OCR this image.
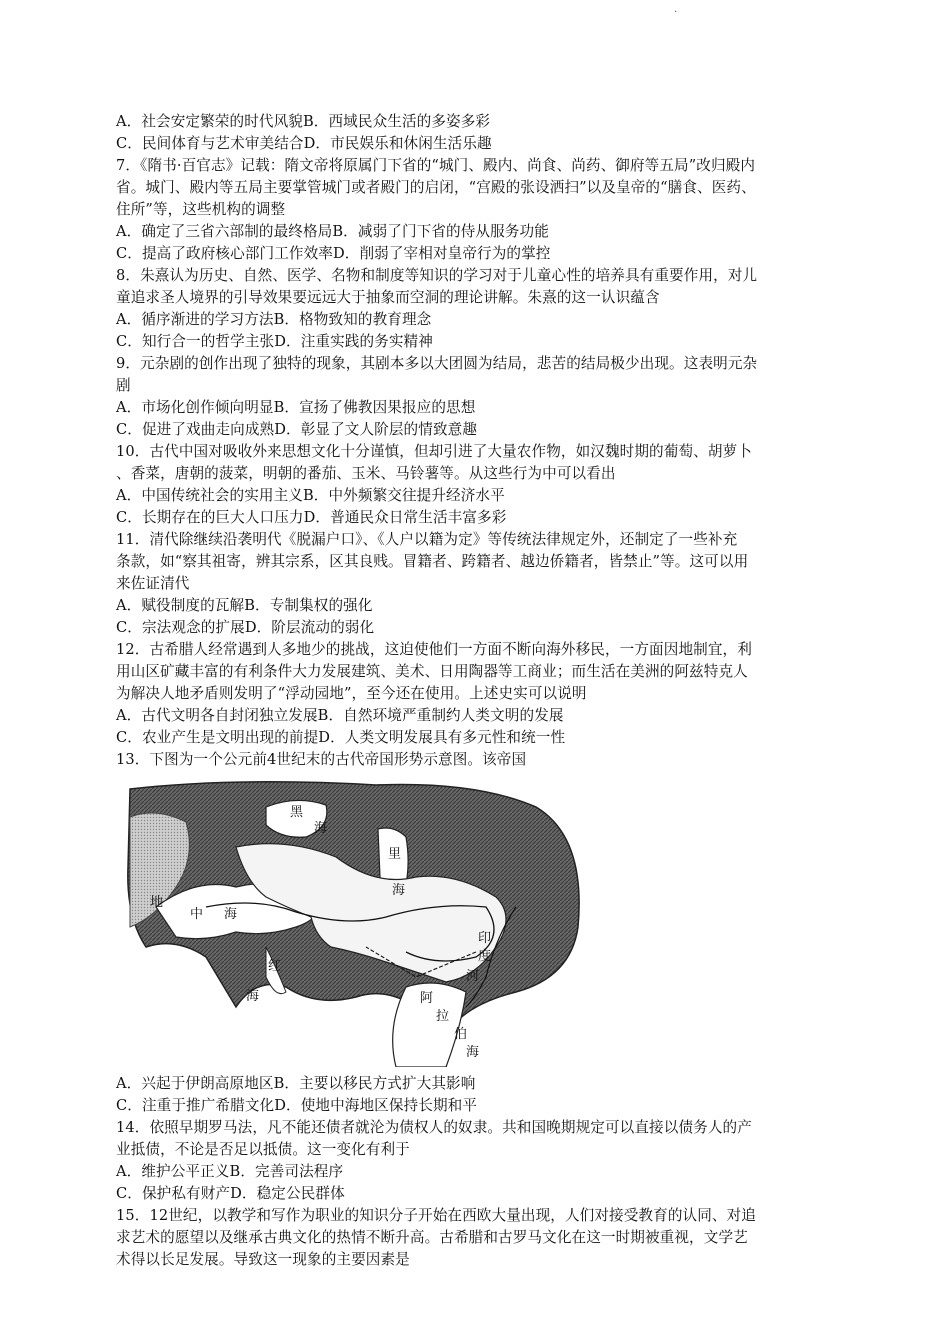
.
A．社会安定繁荣的时代风貌B．西域民众生活的多姿多彩
C．民间体育与艺术审美结合D．市民娱乐和休闲生活乐趣
7．《隋书·百官志》记载：隋文帝将原属门下省的“城门、殿内、尚食、尚药、御府等五局”改归殿内
省。城门、殿内等五局主要掌管城门或者殿门的启闭，“宫殿的张设洒扫”以及皇帝的“膳食、医药、
住所”等，这些机构的调整
A．确定了三省六部制的最终格局B．减弱了门下省的侍从服务功能
C．提高了政府核心部门工作效率D．削弱了宰相对皇帝行为的掌控
8．朱熹认为历史、自然、医学、名物和制度等知识的学习对于儿童心性的培养具有重要作用，对儿
童追求圣人境界的引导效果要远远大于抽象而空洞的理论讲解。朱熹的这一认识蕴含
A．循序渐进的学习方法B．格物致知的教育理念
C．知行合一的哲学主张D．注重实践的务实精神
9．元杂剧的创作出现了独特的现象，其剧本多以大团圆为结局，悲苦的结局极少出现。这表明元杂
剧
A．市场化创作倾向明显B．宣扬了佛教因果报应的思想
C．促进了戏曲走向成熟D．彰显了文人阶层的情致意趣
10．古代中国对吸收外来思想文化十分谨慎，但却引进了大量农作物，如汉魏时期的葡萄、胡萝卜
、香菜，唐朝的菠菜，明朝的番茄、玉米、马铃薯等。从这些行为中可以看出
A．中国传统社会的实用主义B．中外频繁交往提升经济水平
C．长期存在的巨大人口压力D．普通民众日常生活丰富多彩
11．清代除继续沿袭明代《脱漏户口》、《人户以籍为定》等传统法律规定外，还制定了一些补充
条款，如“察其祖寄，辨其宗系，区其良贱。冒籍者、跨籍者、越边侨籍者，皆禁止”等。这可以用
来佐证清代
A．赋役制度的瓦解B．专制集权的强化
C．宗法观念的扩展D．阶层流动的弱化
12．古希腊人经常遇到人多地少的挑战，这迫使他们一方面不断向海外移民，一方面因地制宜，利
用山区矿藏丰富的有利条件大力发展建筑、美术、日用陶器等工商业；而生活在美洲的阿兹特克人
为解决人地矛盾则发明了“浮动园地”，至今还在使用。上述史实可以说明
A．古代文明各自封闭独立发展B．自然环境严重制约人类文明的发展
C．农业产生是文明出现的前提D．人类文明发展具有多元性和统一性
13．下图为一个公元前4世纪末的古代帝国形势示意图。该帝国
黑
海
里
海
地
中 海
红
海
印
度
河
阿
拉
伯
海
A．兴起于伊朗高原地区B．主要以移民方式扩大其影响
C．注重于推广希腊文化D．使地中海地区保持长期和平
14．依照早期罗马法，凡不能还债者就沦为债权人的奴隶。共和国晚期规定可以直接以债务人的产
业抵债，不论是否足以抵债。这一变化有利于
A．维护公平正义B．完善司法程序
C．保护私有财产D．稳定公民群体
15．12世纪，以教学和写作为职业的知识分子开始在西欧大量出现，人们对接受教育的认同、对追
求艺术的愿望以及继承古典文化的热情不断升高。古希腊和古罗马文化在这一时期被重视，文学艺
术得以长足发展。导致这一现象的主要因素是
